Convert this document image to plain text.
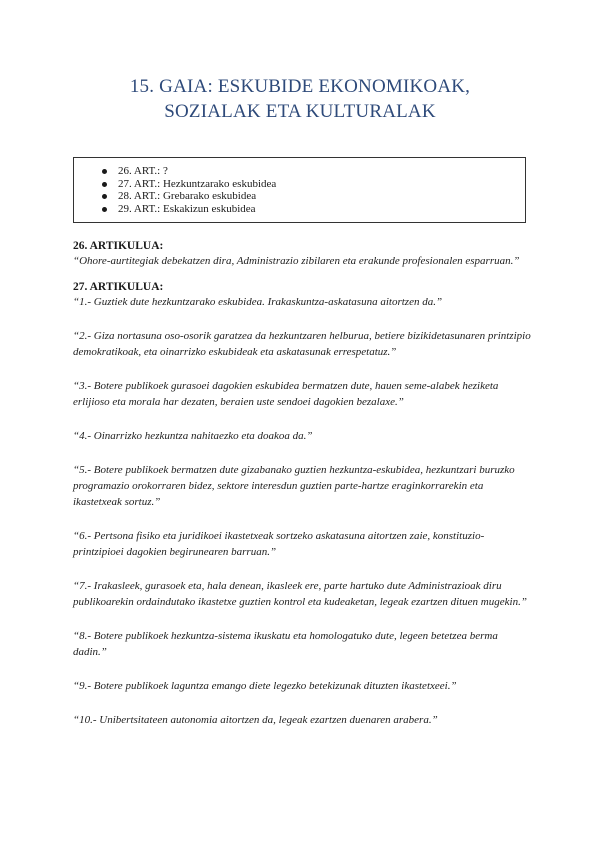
15. GAIA: ESKUBIDE EKONOMIKOAK,
SOZIALAK ETA KULTURALAK
26. ART.: ?
27. ART.: Hezkuntzarako eskubidea
28. ART.: Grebarako eskubidea
29. ART.: Eskakizun eskubidea

26. ARTIKULUA:

“Ohore-aurtitegiak debekatzen dira, Administrazio zibilaren eta erakunde profesionalen esparruan.”

27. ARTIKULUA:

“1.- Guztiek dute hezkuntzarako eskubidea. Irakaskuntza-askatasuna aitortzen da.”

“2.- Giza nortasuna oso-osorik garatzea da hezkuntzaren helburua, betiere bizikidetasunaren printzipio demokratikoak, eta oinarrizko eskubideak eta askatasunak errespetatuz.”

“3.- Botere publikoek gurasoei dagokien eskubidea bermatzen dute, hauen seme-alabek heziketa erlijioso eta morala har dezaten, beraien uste sendoei dagokien bezalaxe.”

“4.- Oinarrizko hezkuntza nahitaezko eta doakoa da.”

“5.- Botere publikoek bermatzen dute gizabanako guztien hezkuntza-eskubidea, hezkuntzari buruzko programazio orokorraren bidez, sektore interesdun guztien parte-hartze eraginkorrarekin eta ikastetxeak sortuz.”

“6.- Pertsona fisiko eta juridikoei ikastetxeak sortzeko askatasuna aitortzen zaie, konstituzio-printzipioei dagokien begirunearen barruan.”

“7.- Irakasleek, gurasoek eta, hala denean, ikasleek ere, parte hartuko dute Administrazioak diru publikoarekin ordaindutako ikastetxe guztien kontrol eta kudeaketan, legeak ezartzen dituen mugekin.”

“8.- Botere publikoek hezkuntza-sistema ikuskatu eta homologatuko dute, legeen betetzea berma dadin.”

“9.- Botere publikoek laguntza emango diete legezko betekizunak dituzten ikastetxeei.”

“10.- Unibertsitateen autonomia aitortzen da, legeak ezartzen duenaren arabera.”
